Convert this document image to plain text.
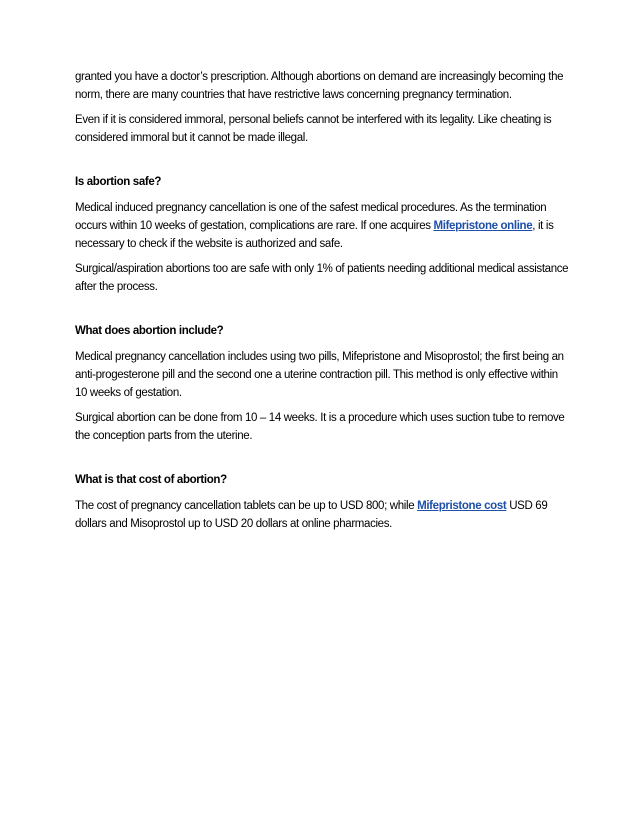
granted you have a doctor’s prescription. Although abortions on demand are increasingly becoming the norm, there are many countries that have restrictive laws concerning pregnancy termination.

Even if it is considered immoral, personal beliefs cannot be interfered with its legality. Like cheating is considered immoral but it cannot be made illegal.

Is abortion safe?

Medical induced pregnancy cancellation is one of the safest medical procedures. As the termination occurs within 10 weeks of gestation, complications are rare. If one acquires Mifepristone online, it is necessary to check if the website is authorized and safe.

Surgical/aspiration abortions too are safe with only 1% of patients needing additional medical assistance after the process.

What does abortion include?

Medical pregnancy cancellation includes using two pills, Mifepristone and Misoprostol; the first being an anti-progesterone pill and the second one a uterine contraction pill. This method is only effective within 10 weeks of gestation.

Surgical abortion can be done from 10 – 14 weeks. It is a procedure which uses suction tube to remove the conception parts from the uterine.

What is that cost of abortion?

The cost of pregnancy cancellation tablets can be up to USD 800; while Mifepristone cost USD 69 dollars and Misoprostol up to USD 20 dollars at online pharmacies.
